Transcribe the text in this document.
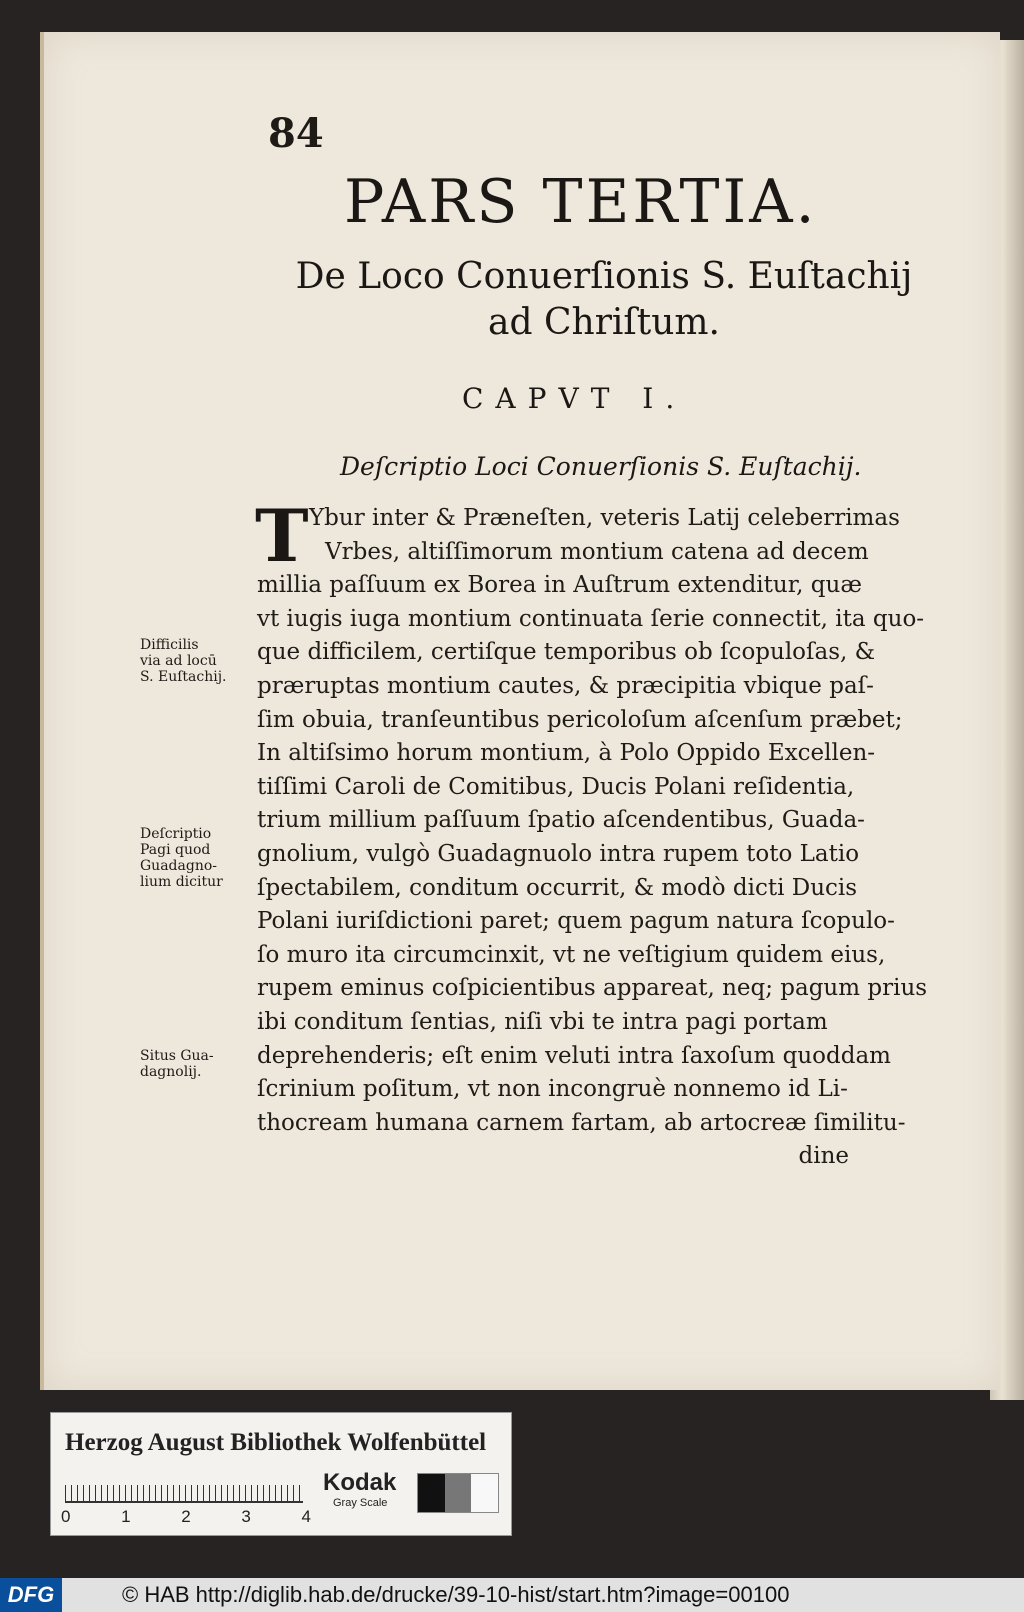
84
PARS TERTIA.
De Loco Conuerſionis S. Euſtachij
ad Chriſtum.
CAPVT I.
Deſcriptio Loci Conuerſionis S. Euſtachij.
T Ybur inter & Præneſten, veteris Latij celeberrimas
Vrbes, altiſſimorum montium catena ad decem
millia paſſuum ex Borea in Auſtrum extenditur, quæ
vt iugis iuga montium continuata ſerie connectit, ita quo-
que difficilem, certiſque temporibus ob ſcopuloſas, &
præruptas montium cautes, & præcipitia vbique paſ-
ſim obuia, tranſeuntibus pericoloſum aſcenſum præbet;
In altiſsimo horum montium, à Polo Oppido Excellen-
tiſſimi Caroli de Comitibus, Ducis Polani reſidentia,
trium millium paſſuum ſpatio aſcendentibus, Guada-
gnolium, vulgò Guadagnuolo intra rupem toto Latio
ſpectabilem, conditum occurrit, & modò dicti Ducis
Polani iuriſdictioni paret; quem pagum natura ſcopulo-
ſo muro ita circumcinxit, vt ne veſtigium quidem eius,
rupem eminus coſpicientibus appareat, neq; pagum prius
ibi conditum ſentias, niſi vbi te intra pagi portam
deprehenderis; eſt enim veluti intra ſaxoſum quoddam
ſcrinium poſitum, vt non incongruè nonnemo id Li-
thocream humana carnem fartam, ab artocreæ ſimilitu-
dine
Difficilis
via ad locū
S. Euſtachij.
Deſcriptio
Pagi quod
Guadagno-
lium dicitur
Situs Gua-
dagnolij.
Herzog August Bibliothek Wolfenbüttel
0	1	2	3	4
Kodak
Gray Scale
DFG	© HAB http://diglib.hab.de/drucke/39-10-hist/start.htm?image=00100
